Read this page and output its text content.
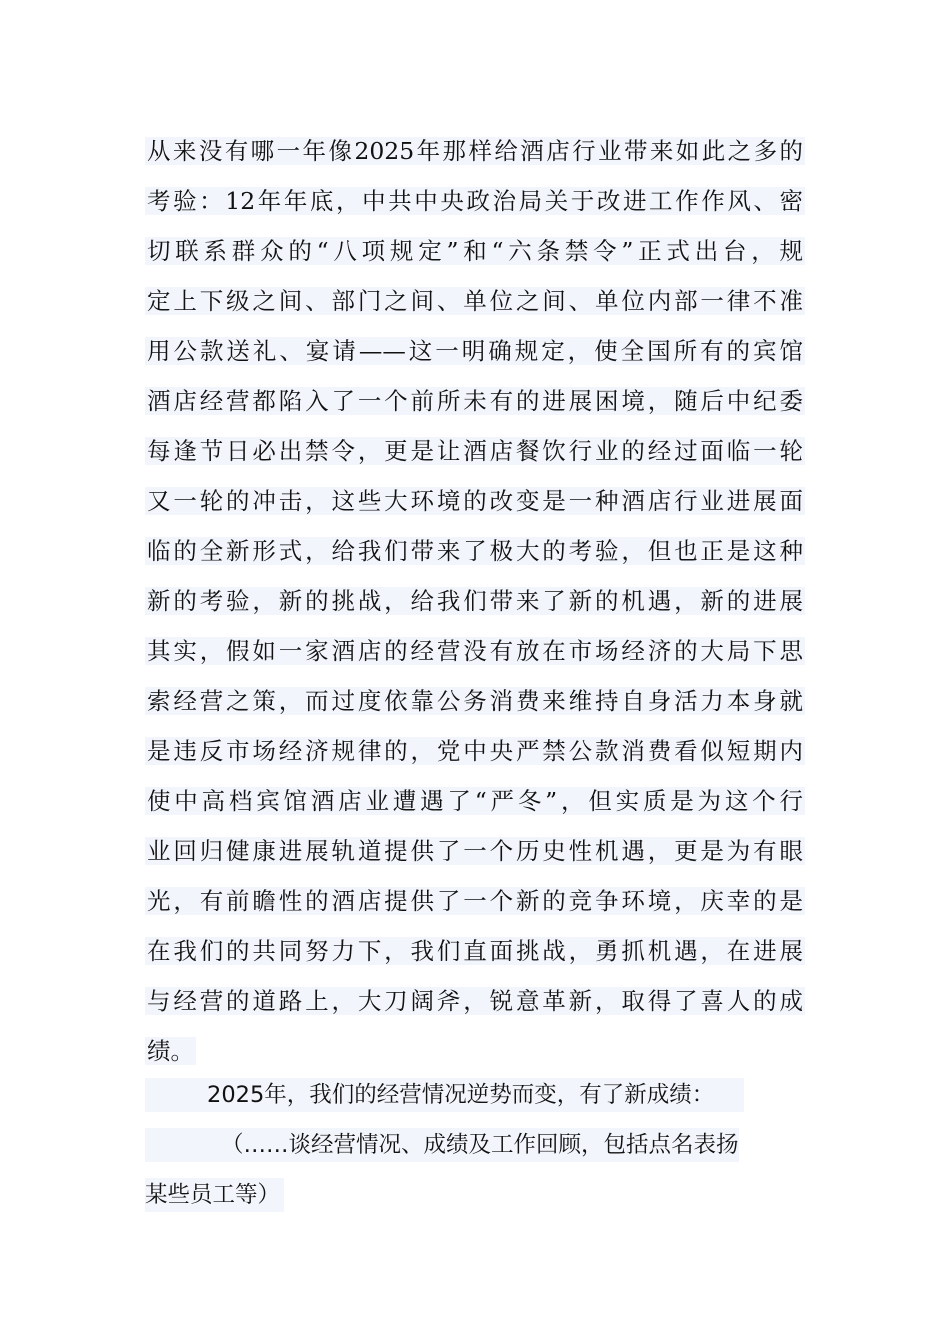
从来没有哪一年像2025年那样给酒店行业带来如此之多的
考验：12年年底，中共中央政治局关于改进工作作风、密
切联系群众的“八项规定”和“六条禁令”正式出台，规
定上下级之间、部门之间、单位之间、单位内部一律不准
用公款送礼、宴请——这一明确规定，使全国所有的宾馆
酒店经营都陷入了一个前所未有的进展困境，随后中纪委
每逢节日必出禁令，更是让酒店餐饮行业的经过面临一轮
又一轮的冲击，这些大环境的改变是一种酒店行业进展面
临的全新形式，给我们带来了极大的考验，但也正是这种
新的考验，新的挑战，给我们带来了新的机遇，新的进展
其实，假如一家酒店的经营没有放在市场经济的大局下思
索经营之策，而过度依靠公务消费来维持自身活力本身就
是违反市场经济规律的，党中央严禁公款消费看似短期内
使中高档宾馆酒店业遭遇了“严冬”，但实质是为这个行
业回归健康进展轨道提供了一个历史性机遇，更是为有眼
光，有前瞻性的酒店提供了一个新的竞争环境，庆幸的是
在我们的共同努力下，我们直面挑战，勇抓机遇，在进展
与经营的道路上，大刀阔斧，锐意革新，取得了喜人的成
绩。
2025年，我们的经营情况逆势而变，有了新成绩：
（……谈经营情况、成绩及工作回顾，包括点名表扬
某些员工等）
